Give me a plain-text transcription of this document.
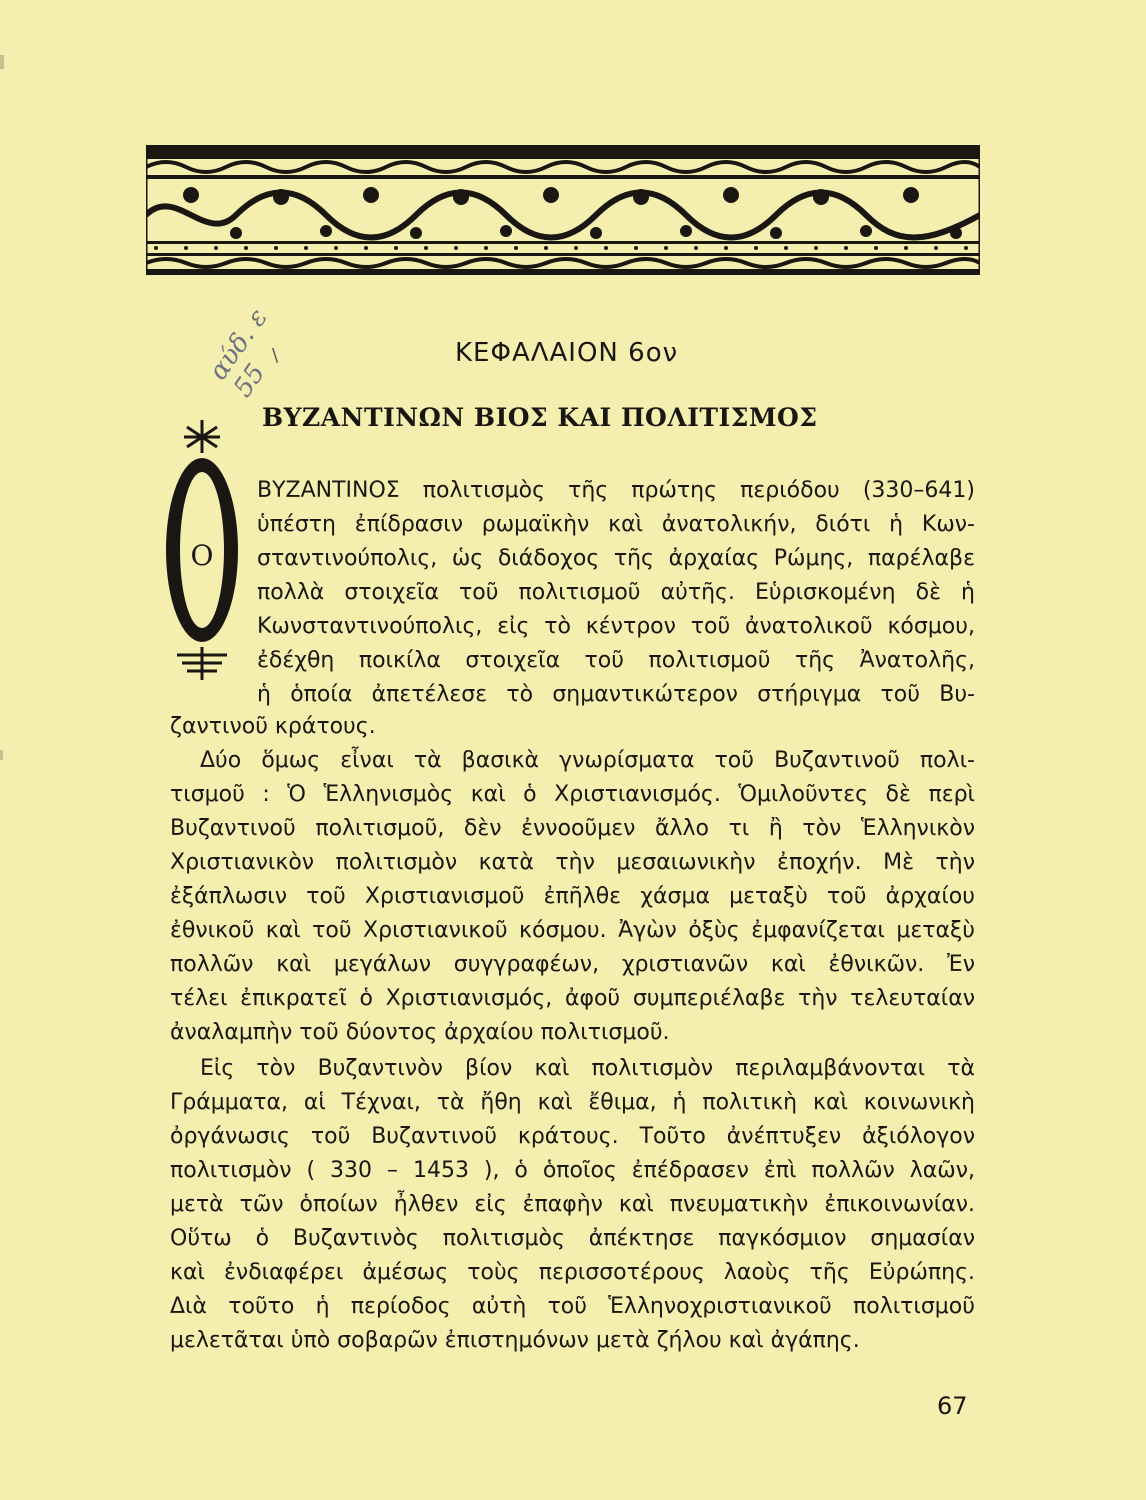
αύδ. ε 55
\	ΚΕΦΑΛΑΙΟΝ 6ον
ΒΥΖΑΝΤΙΝΩΝ ΒΙΟΣ ΚΑΙ ΠΟΛΙΤΙΣΜΟΣ
Ο
ΒΥΖΑΝΤΙΝΟΣ πολιτισμὸς τῆς πρώτης περιόδου (330–641)
ὑπέστη ἐπίδρασιν ρωμαϊκὴν καὶ ἀνατολικήν, διότι ἡ Κων-
σταντινούπολις, ὡς διάδοχος τῆς ἀρχαίας Ρώμης, παρέλαβε
πολλὰ στοιχεῖα τοῦ πολιτισμοῦ αὐτῆς. Εὑρισκομένη δὲ ἡ
Κωνσταντινούπολις, εἰς τὸ κέντρον τοῦ ἀνατολικοῦ κόσμου,
ἐδέχθη ποικίλα στοιχεῖα τοῦ πολιτισμοῦ τῆς Ἀνατολῆς,
ἡ ὁποία ἀπετέλεσε τὸ σημαντικώτερον στήριγμα τοῦ Βυ-
ζαντινοῦ κράτους.
Δύο ὅμως εἶναι τὰ βασικὰ γνωρίσματα τοῦ Βυζαντινοῦ πολι-
τισμοῦ : Ὁ Ἑλληνισμὸς καὶ ὁ Χριστιανισμός. Ὁμιλοῦντες δὲ περὶ
Βυζαντινοῦ πολιτισμοῦ, δὲν ἐννοοῦμεν ἄλλο τι ἢ τὸν Ἑλληνικὸν
Χριστιανικὸν πολιτισμὸν κατὰ τὴν μεσαιωνικὴν ἐποχήν. Μὲ τὴν
ἐξάπλωσιν τοῦ Χριστιανισμοῦ ἐπῆλθε χάσμα μεταξὺ τοῦ ἀρχαίου
ἐθνικοῦ καὶ τοῦ Χριστιανικοῦ κόσμου. Ἀγὼν ὀξὺς ἐμφανίζεται μεταξὺ
πολλῶν καὶ μεγάλων συγγραφέων, χριστιανῶν καὶ ἐθνικῶν. Ἐν
τέλει ἐπικρατεῖ ὁ Χριστιανισμός, ἀφοῦ συμπεριέλαβε τὴν τελευταίαν
ἀναλαμπὴν τοῦ δύοντος ἀρχαίου πολιτισμοῦ.
Εἰς τὸν Βυζαντινὸν βίον καὶ πολιτισμὸν περιλαμβάνονται τὰ
Γράμματα, αἱ Τέχναι, τὰ ἤθη καὶ ἔθιμα, ἡ πολιτικὴ καὶ κοινωνικὴ
ὀργάνωσις τοῦ Βυζαντινοῦ κράτους. Τοῦτο ἀνέπτυξεν ἀξιόλογον
πολιτισμὸν ( 330 – 1453 ), ὁ ὁποῖος ἐπέδρασεν ἐπὶ πολλῶν λαῶν,
μετὰ τῶν ὁποίων ἦλθεν εἰς ἐπαφὴν καὶ πνευματικὴν ἐπικοινωνίαν.
Οὕτω ὁ Βυζαντινὸς πολιτισμὸς ἀπέκτησε παγκόσμιον σημασίαν
καὶ ἐνδιαφέρει ἀμέσως τοὺς περισσοτέρους λαοὺς τῆς Εὐρώπης.
Διὰ τοῦτο ἡ περίοδος αὐτὴ τοῦ Ἑλληνοχριστιανικοῦ πολιτισμοῦ
μελετᾶται ὑπὸ σοβαρῶν ἐπιστημόνων μετὰ ζήλου καὶ ἀγάπης.
67
